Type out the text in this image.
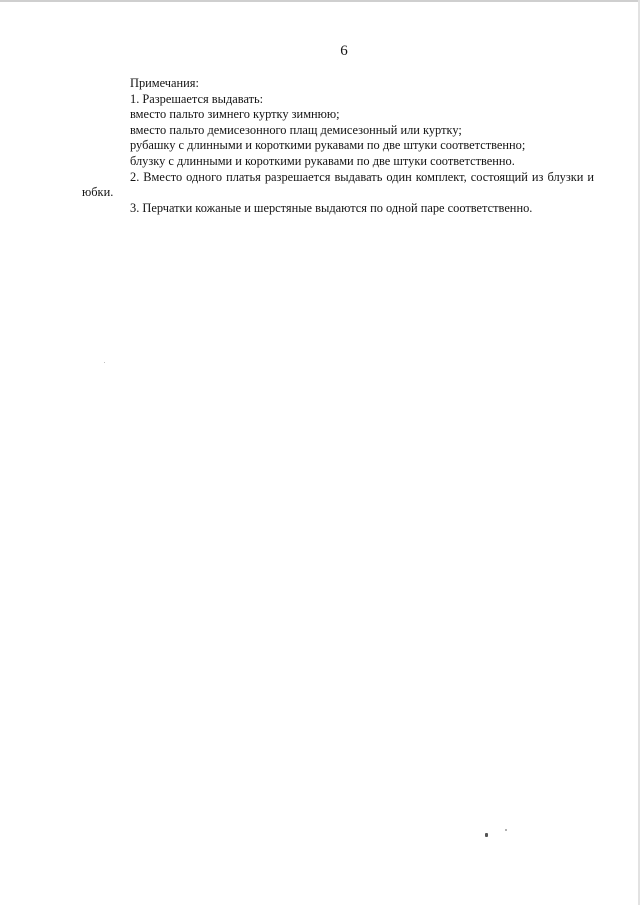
6

Примечания:

1. Разрешается выдавать:

вместо пальто зимнего куртку зимнюю;

вместо пальто демисезонного плащ демисезонный или куртку;

рубашку с длинными и короткими рукавами по две штуки соответственно;

блузку с длинными и короткими рукавами по две штуки соответственно.

2. Вместо одного платья разрешается выдавать один комплект, состоящий из блузки и юбки.

3. Перчатки кожаные и шерстяные выдаются по одной паре соответственно.
